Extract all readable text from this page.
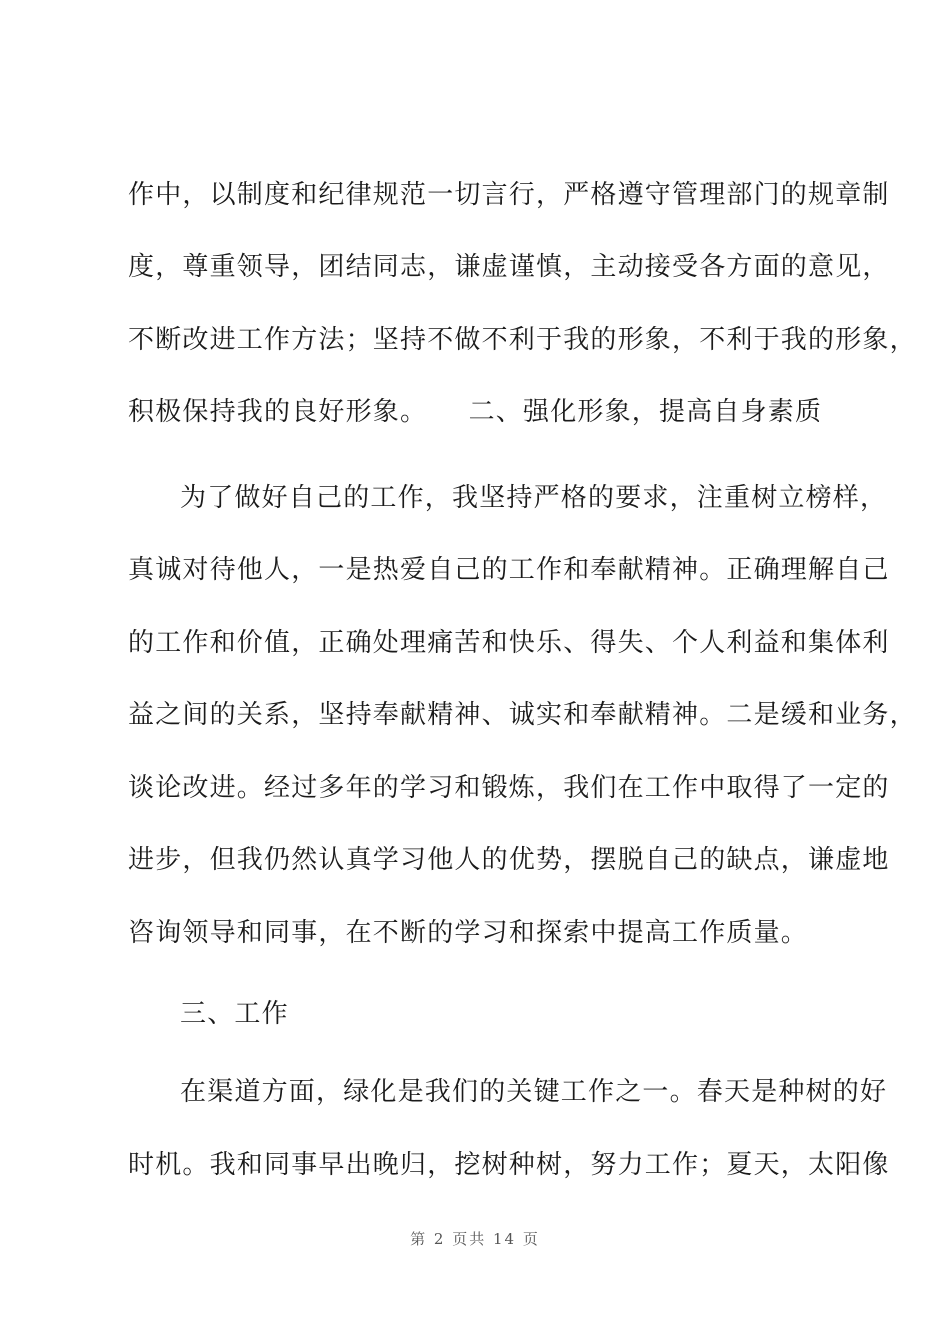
作中，以制度和纪律规范一切言行，严格遵守管理部门的规章制
度，尊重领导，团结同志，谦虚谨慎，主动接受各方面的意见，
不断改进工作方法；坚持不做不利于我的形象，不利于我的形象，
积极保持我的良好形象。　　二、强化形象，提高自身素质
为了做好自己的工作，我坚持严格的要求，注重树立榜样，
真诚对待他人，一是热爱自己的工作和奉献精神。正确理解自己
的工作和价值，正确处理痛苦和快乐、得失、个人利益和集体利
益之间的关系，坚持奉献精神、诚实和奉献精神。二是缓和业务，
谈论改进。经过多年的学习和锻炼，我们在工作中取得了一定的
进步，但我仍然认真学习他人的优势，摆脱自己的缺点，谦虚地
咨询领导和同事，在不断的学习和探索中提高工作质量。
三、工作
在渠道方面，绿化是我们的关键工作之一。春天是种树的好
时机。我和同事早出晚归，挖树种树，努力工作；夏天，太阳像
第 2 页共 14 页
